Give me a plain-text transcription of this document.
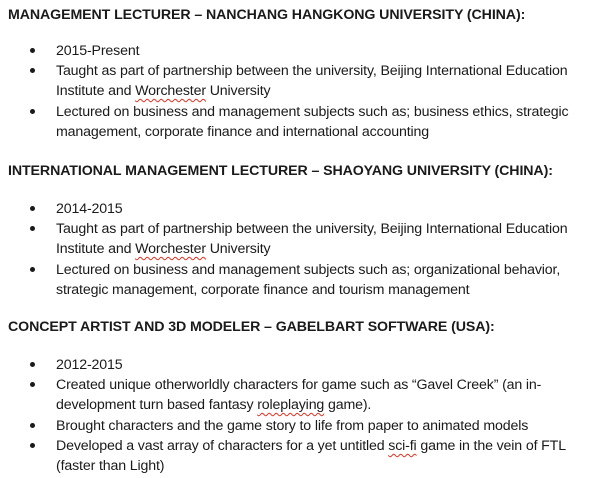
MANAGEMENT LECTURER – NANCHANG HANGKONG UNIVERSITY (CHINA):
2015-Present
Taught as part of partnership between the university, Beijing International Education
Institute and Worchester University
Lectured on business and management subjects such as; business ethics, strategic
management, corporate finance and international accounting
INTERNATIONAL MANAGEMENT LECTURER – SHAOYANG UNIVERSITY (CHINA):
2014-2015
Taught as part of partnership between the university, Beijing International Education
Institute and Worchester University
Lectured on business and management subjects such as; organizational behavior,
strategic management, corporate finance and tourism management
CONCEPT ARTIST AND 3D MODELER – GABELBART SOFTWARE (USA):
2012-2015
Created unique otherworldly characters for game such as “Gavel Creek” (an in-
development turn based fantasy roleplaying game).
Brought characters and the game story to life from paper to animated models
Developed a vast array of characters for a yet untitled sci-fi game in the vein of FTL
(faster than Light)
